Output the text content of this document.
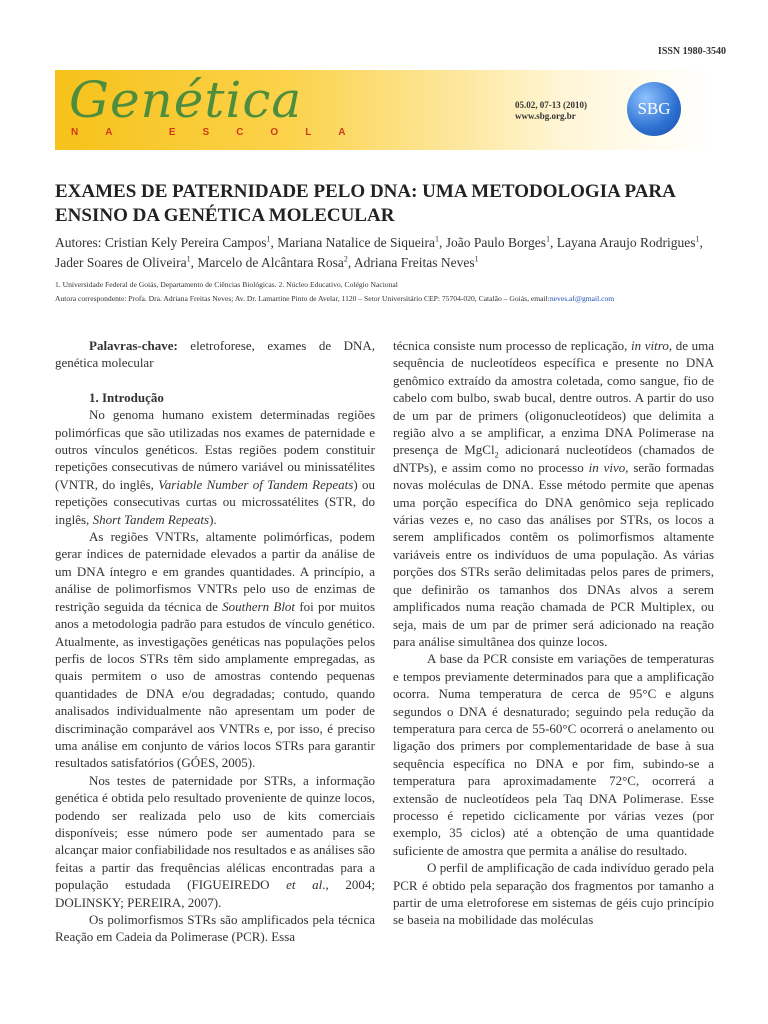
ISSN 1980-3540
Genética
NA ESCOLA
05.02, 07-13 (2010)
www.sbg.org.br	SBG
EXAMES DE PATERNIDADE PELO DNA: UMA METODOLOGIA PARA ENSINO DA GENÉTICA MOLECULAR
Autores: Cristian Kely Pereira Campos$^1$, Mariana Natalice de Siqueira$^1$, João Paulo Borges$^1$, Layana Araujo Rodrigues$^1$, Jader Soares de Oliveira$^1$, Marcelo de Alcântara Rosa$^2$, Adriana Freitas Neves$^1$
1. Universidade Federal de Goiás, Departamento de Ciências Biológicas. 2. Núcleo Educativo, Colégio Nacional
Autora correspondente: Profa. Dra. Adriana Freitas Neves; Av. Dr. Lamartine Pinto de Avelar, 1120 – Setor Universitário CEP: 75704-020, Catalão – Goiás, email:neves.af@gmail.com

Palavras-chave: eletroforese, exames de DNA, genética molecular

1. Introdução

No genoma humano existem determinadas regiões polimórficas que são utilizadas nos exames de paternidade e outros vínculos genéticos. Estas regiões podem constituir repetições consecutivas de número variável ou minissatélites (VNTR, do inglês, Variable Number of Tandem Repeats) ou repetições consecutivas curtas ou microssatélites (STR, do inglês, Short Tandem Repeats).

As regiões VNTRs, altamente polimórficas, podem gerar índices de paternidade elevados a partir da análise de um DNA íntegro e em grandes quantidades. A princípio, a análise de polimorfismos VNTRs pelo uso de enzimas de restrição seguida da técnica de Southern Blot foi por muitos anos a metodologia padrão para estudos de vínculo genético. Atualmente, as investigações genéticas nas populações pelos perfis de locos STRs têm sido amplamente empregadas, as quais permitem o uso de amostras contendo pequenas quantidades de DNA e/ou degradadas; contudo, quando analisados individualmente não apresentam um poder de discriminação comparável aos VNTRs e, por isso, é preciso uma análise em conjunto de vários locos STRs para garantir resultados satisfatórios (GÓES, 2005).

Nos testes de paternidade por STRs, a informação genética é obtida pelo resultado proveniente de quinze locos, podendo ser realizada pelo uso de kits comerciais disponíveis; esse número pode ser aumentado para se alcançar maior confiabilidade nos resultados e as análises são feitas a partir das frequências alélicas encontradas para a população estudada (FIGUEIREDO et al., 2004; DOLINSKY; PEREIRA, 2007).

Os polimorfismos STRs são amplificados pela técnica Reação em Cadeia da Polimerase (PCR). Essa

técnica consiste num processo de replicação, in vitro, de uma sequência de nucleotídeos específica e presente no DNA genômico extraído da amostra coletada, como sangue, fio de cabelo com bulbo, swab bucal, dentre outros. A partir do uso de um par de primers (oligonucleotídeos) que delimita a região alvo a se amplificar, a enzima DNA Polimerase na presença de MgCl$_2$ adicionará nucleotídeos (chamados de dNTPs), e assim como no processo in vivo, serão formadas novas moléculas de DNA. Esse método permite que apenas uma porção específica do DNA genômico seja replicado várias vezes e, no caso das análises por STRs, os locos a serem amplificados contêm os polimorfismos altamente variáveis entre os indivíduos de uma população. As várias porções dos STRs serão delimitadas pelos pares de primers, que definirão os tamanhos dos DNAs alvos a serem amplificados numa reação chamada de PCR Multiplex, ou seja, mais de um par de primer será adicionado na reação para análise simultânea dos quinze locos.

A base da PCR consiste em variações de temperaturas e tempos previamente determinados para que a amplificação ocorra. Numa temperatura de cerca de 95°C e alguns segundos o DNA é desnaturado; seguindo pela redução da temperatura para cerca de 55-60°C ocorrerá o anelamento ou ligação dos primers por complementaridade de base à sua sequência específica no DNA e por fim, subindo-se a temperatura para aproximadamente 72°C, ocorrerá a extensão de nucleotídeos pela Taq DNA Polimerase. Esse processo é repetido ciclicamente por várias vezes (por exemplo, 35 ciclos) até a obtenção de uma quantidade suficiente de amostra que permita a análise do resultado.

O perfil de amplificação de cada indivíduo gerado pela PCR é obtido pela separação dos fragmentos por tamanho a partir de uma eletroforese em sistemas de géis cujo princípio se baseia na mobilidade das moléculas
